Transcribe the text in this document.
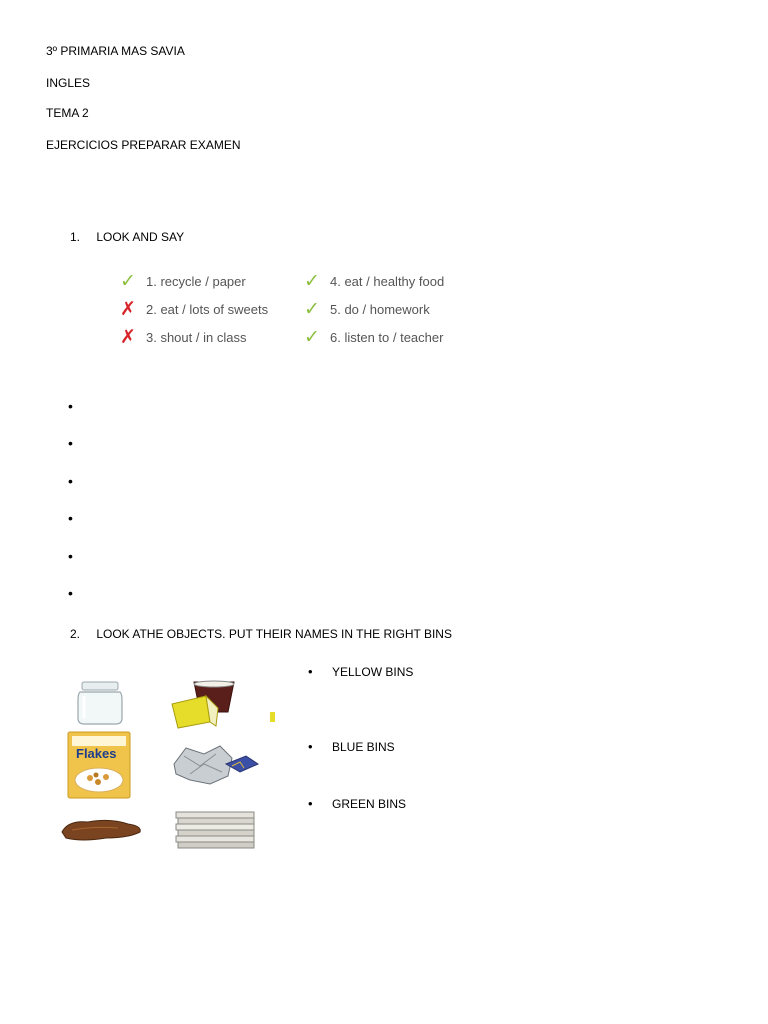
3º PRIMARIA MAS SAVIA
INGLES
TEMA 2
EJERCICIOS PREPARAR EXAMEN
1. LOOK AND SAY
✓ 1. recycle / paper
✗ 2. eat / lots of sweets
✗ 3. shout / in class
✓ 4. eat / healthy food
✓ 5. do / homework
✓ 6. listen to / teacher
•
•
•
•
•
•
2. LOOK ATHE OBJECTS. PUT THEIR NAMES IN THE RIGHT BINS
Flakes
• YELLOW BINS
• BLUE BINS
• GREEN BINS
